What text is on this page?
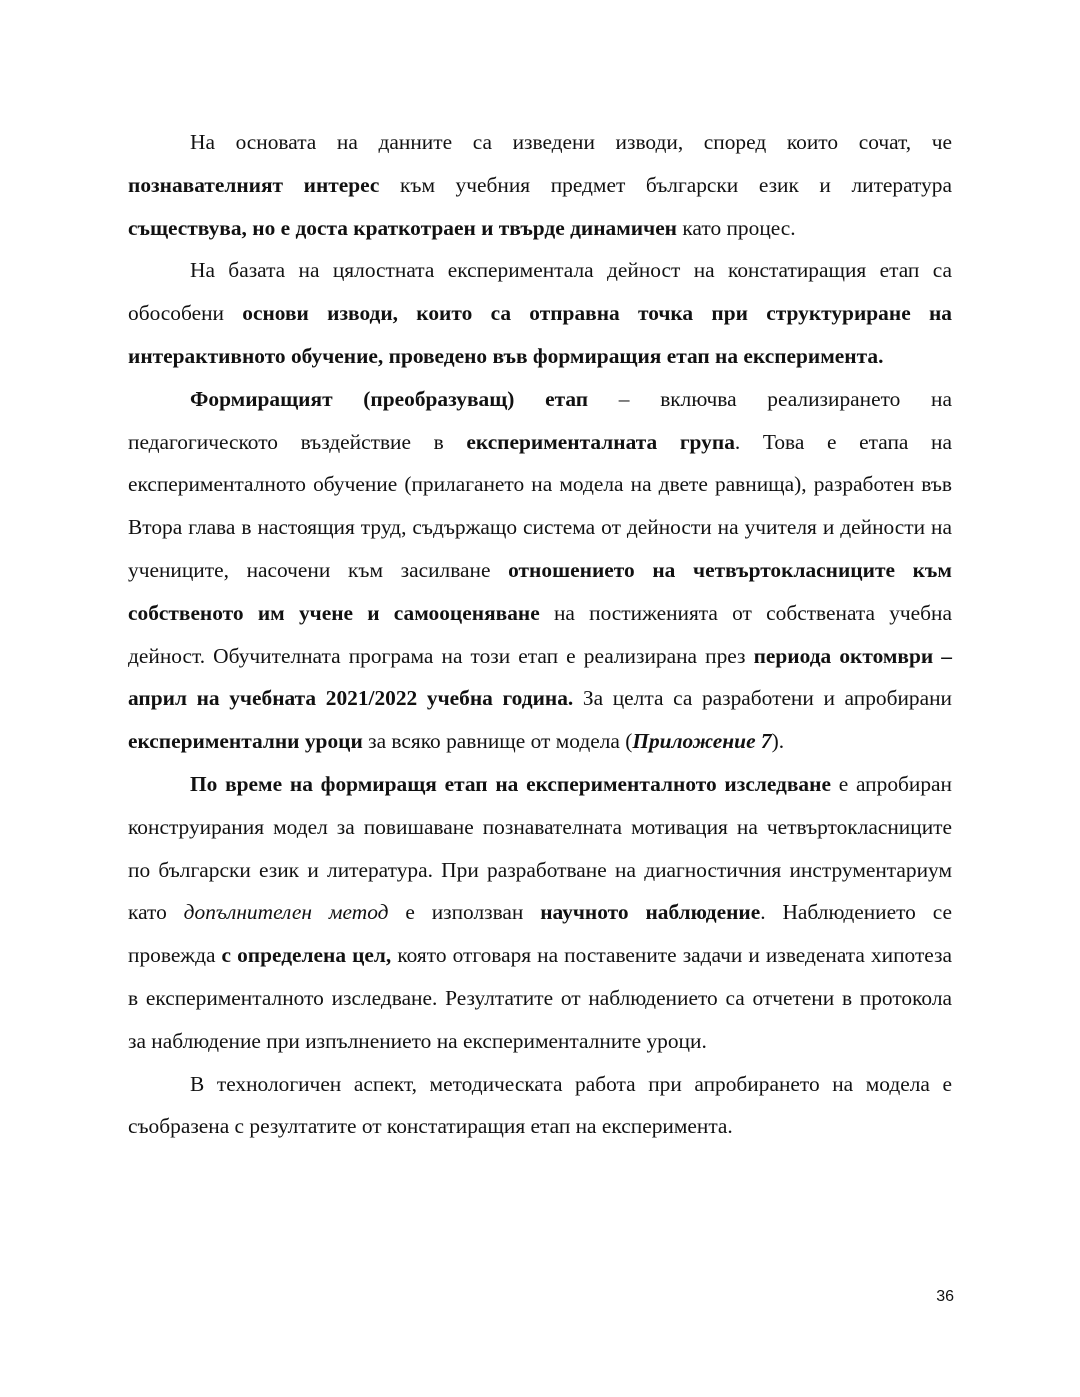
На основата на данните са изведени изводи, според които сочат, че познавателният интерес към учебния предмет български език и литература съществува, но е доста краткотраен и твърде динамичен като процес.

На базата на цялостната експериментала дейност на констатиращия етап са обособени основи изводи, които са отправна точка при структуриране на интерактивното обучение, проведено във формиращия етап на експеримента.

Формиращият (преобразуващ) етап – включва реализирането на педагогическото въздействие в експерименталната група. Това е етапа на експерименталното обучение (прилагането на модела на двете равнища), разработен във Втора глава в настоящия труд, съдържащо система от дейности на учителя и дейности на учениците, насочени към засилване отношението на четвъртокласниците към собственото им учене и самооценяване на постиженията от собствената учебна дейност. Обучителната програма на този етап е реализирана през периода октомври – април на учебната 2021/2022 учебна година. За целта са разработени и апробирани експериментални уроци за всяко равнище от модела (Приложение 7).

По време на формиращя етап на експерименталното изследване е апробиран конструирания модел за повишаване познавателната мотивация на четвъртокласниците по български език и литература. При разработване на диагностичния инструментариум като допълнителен метод е използван научното наблюдение. Наблюдението се провежда с определена цел, която отговаря на поставените задачи и изведената хипотеза в експерименталното изследване. Резултатите от наблюдението са отчетени в протокола за наблюдение при изпълнението на експерименталните уроци.

В технологичен аспект, методическата работа при апробирането на модела е съобразена с резултатите от констатиращия етап на експеримента.

36
